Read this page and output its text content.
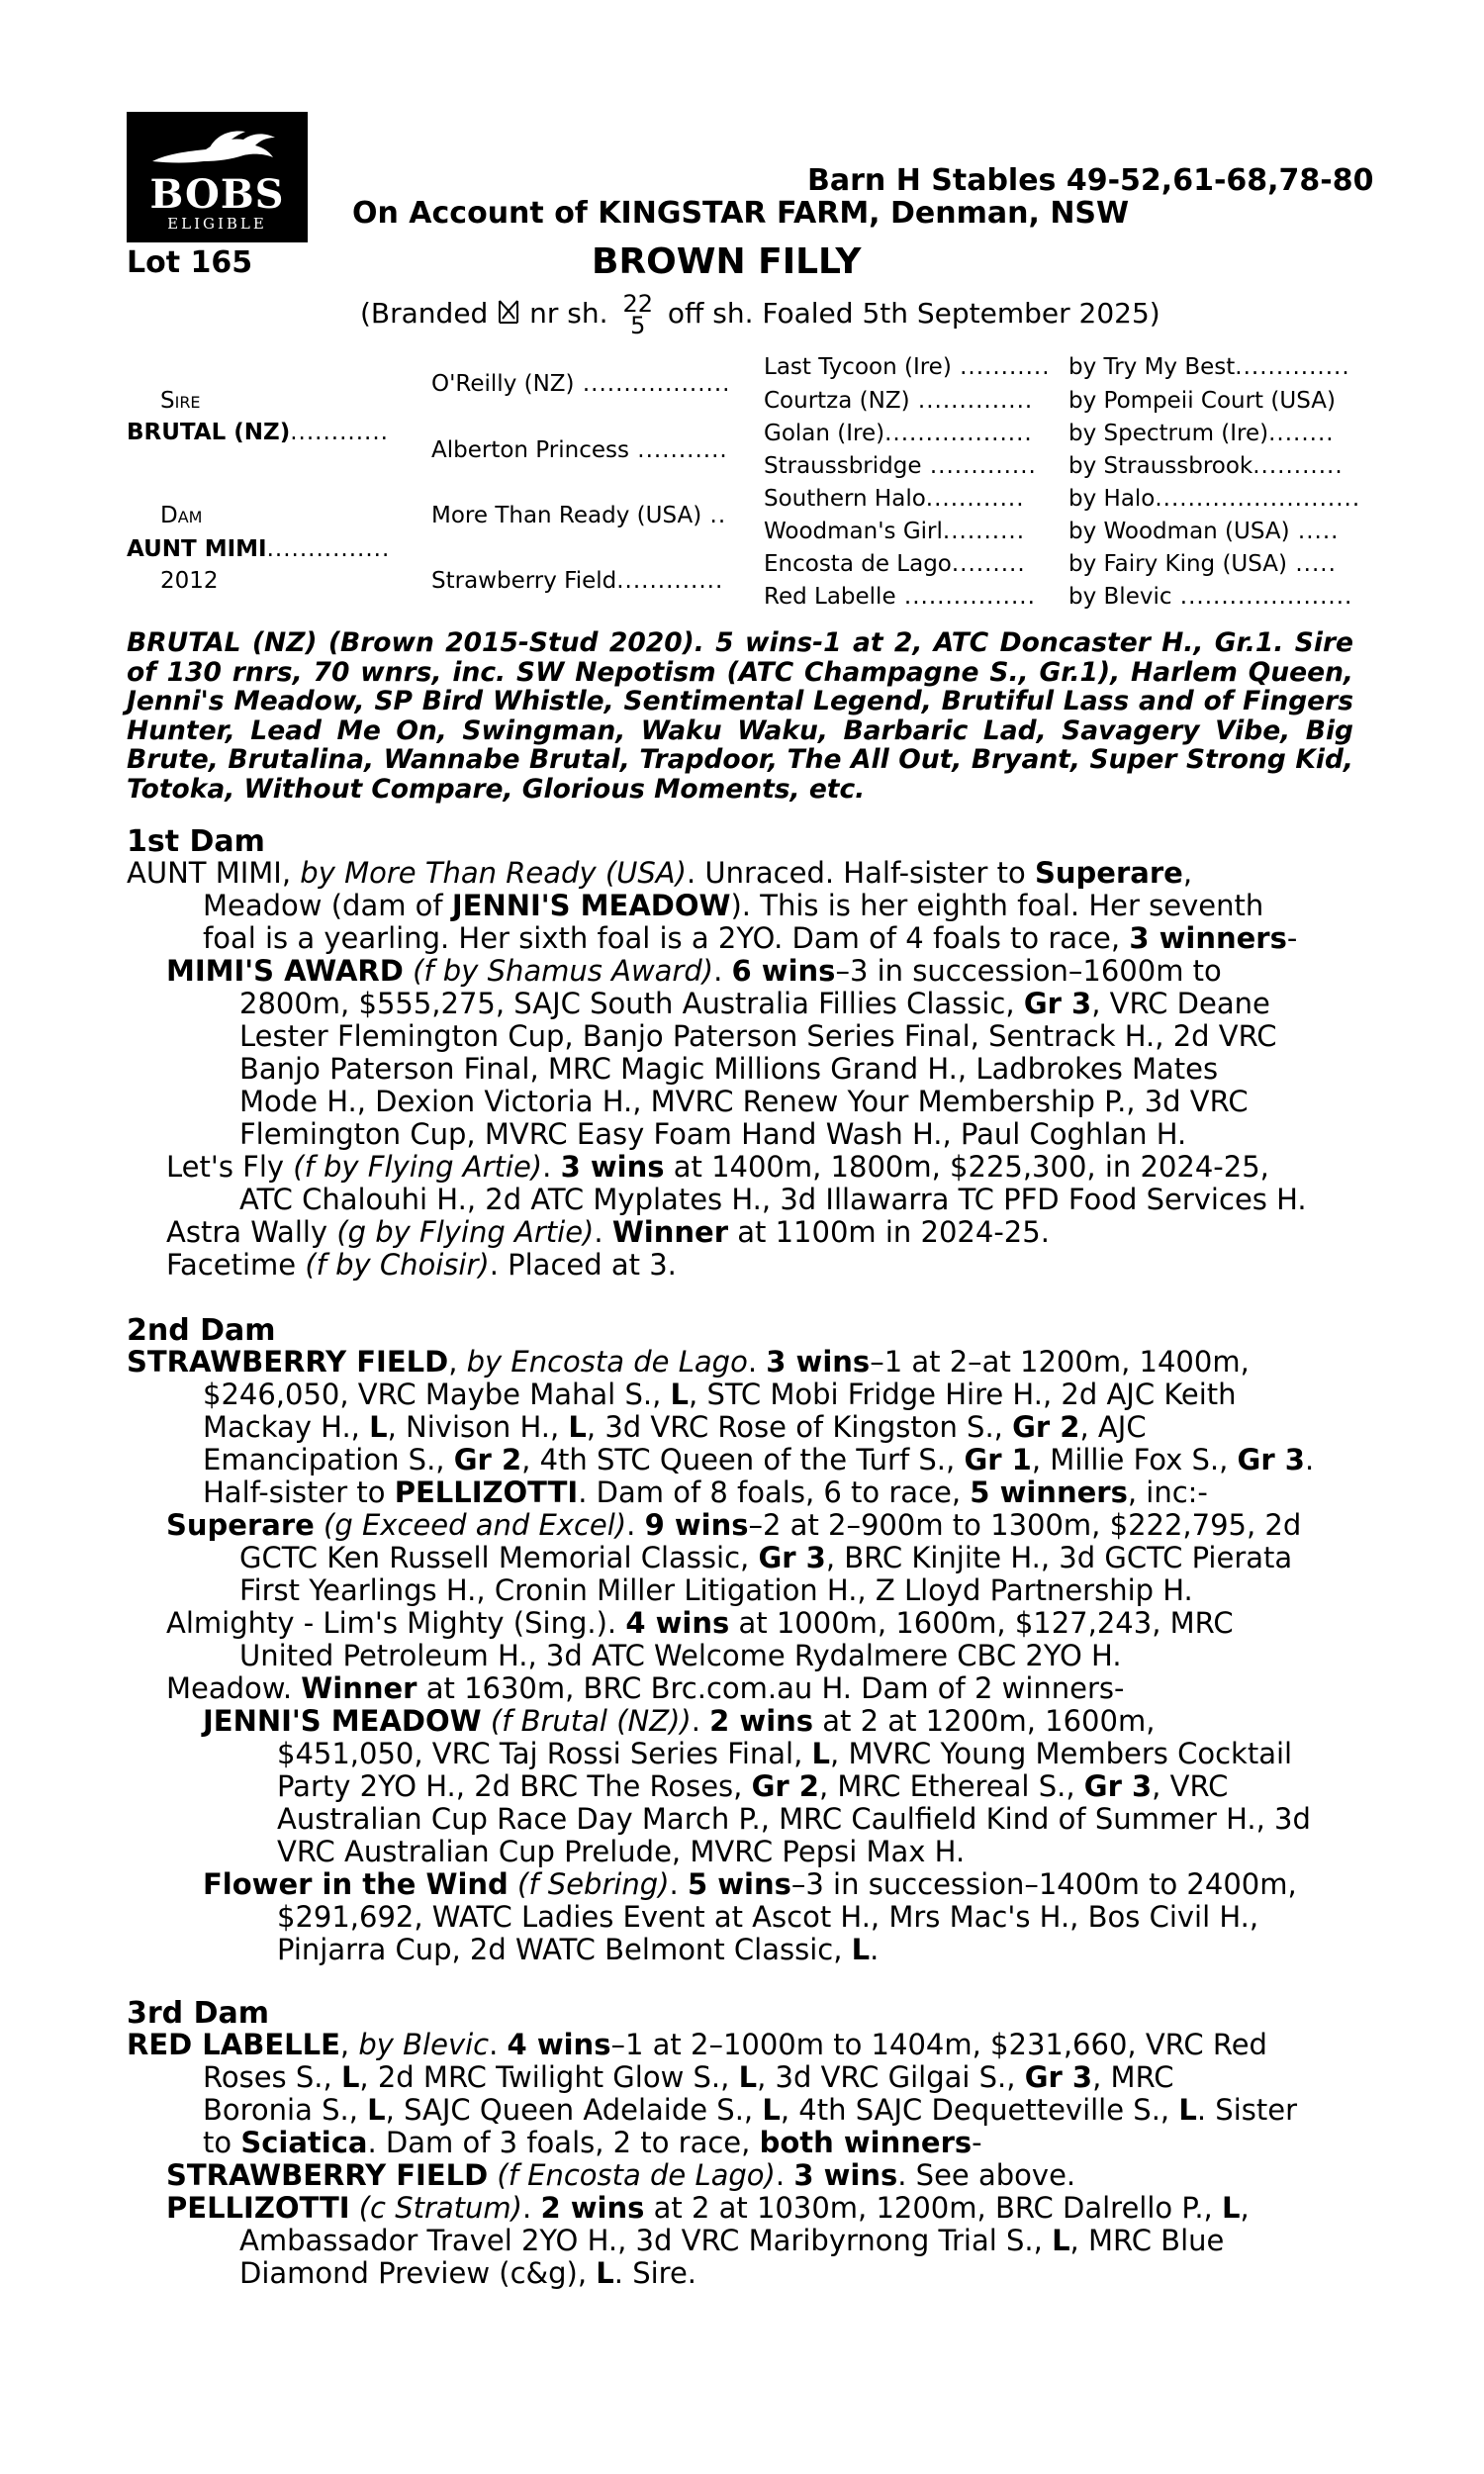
BOBS
ELIGIBLE
Barn H Stables 49-52,61-68,78-80
On Account of KINGSTAR FARM, Denman, NSW
Lot 165	BROWN FILLY
(Branded nr sh. 22
5 off sh. Foaled 5th September 2025)
Sire
BRUTAL (NZ)............
Dam
AUNT MIMI...............
2012
O'Reilly (NZ) ..................
Alberton Princess ...........
More Than Ready (USA) ..
Strawberry Field.............
Last Tycoon (Ire) ........... by Try My Best..............
Courtza (NZ) .............. by Pompeii Court (USA)
Golan (Ire).................. by Spectrum (Ire)........
Straussbridge ............. by Straussbrook...........
Southern Halo............ by Halo.........................
Woodman's Girl.......... by Woodman (USA) .....
Encosta de Lago......... by Fairy King (USA) .....
Red Labelle ................ by Blevic .....................
BRUTAL (NZ) (Brown 2015-Stud 2020). 5 wins-1 at 2, ATC Doncaster H., Gr.1. Sire of 130 rnrs, 70 wnrs, inc. SW Nepotism (ATC Champagne S., Gr.1), Harlem Queen, Jenni's Meadow, SP Bird Whistle, Sentimental Legend, Brutiful Lass and of Fingers Hunter, Lead Me On, Swingman, Waku Waku, Barbaric Lad, Savagery Vibe, Big Brute, Brutalina, Wannabe Brutal, Trapdoor, The All Out, Bryant, Super Strong Kid, Totoka, Without Compare, Glorious Moments, etc.
1st Dam
AUNT MIMI, by More Than Ready (USA). Unraced. Half-sister to Superare,
Meadow (dam of JENNI'S MEADOW). This is her eighth foal. Her seventh
foal is a yearling. Her sixth foal is a 2YO. Dam of 4 foals to race, 3 winners-
MIMI'S AWARD (f by Shamus Award). 6 wins–3 in succession–1600m to
2800m, $555,275, SAJC South Australia Fillies Classic, Gr 3, VRC Deane
Lester Flemington Cup, Banjo Paterson Series Final, Sentrack H., 2d VRC
Banjo Paterson Final, MRC Magic Millions Grand H., Ladbrokes Mates
Mode H., Dexion Victoria H., MVRC Renew Your Membership P., 3d VRC
Flemington Cup, MVRC Easy Foam Hand Wash H., Paul Coghlan H.
Let's Fly (f by Flying Artie). 3 wins at 1400m, 1800m, $225,300, in 2024-25,
ATC Chalouhi H., 2d ATC Myplates H., 3d Illawarra TC PFD Food Services H.
Astra Wally (g by Flying Artie). Winner at 1100m in 2024-25.
Facetime (f by Choisir). Placed at 3.
2nd Dam
STRAWBERRY FIELD, by Encosta de Lago. 3 wins–1 at 2–at 1200m, 1400m,
$246,050, VRC Maybe Mahal S., L, STC Mobi Fridge Hire H., 2d AJC Keith
Mackay H., L, Nivison H., L, 3d VRC Rose of Kingston S., Gr 2, AJC
Emancipation S., Gr 2, 4th STC Queen of the Turf S., Gr 1, Millie Fox S., Gr 3.
Half-sister to PELLIZOTTI. Dam of 8 foals, 6 to race, 5 winners, inc:-
Superare (g Exceed and Excel). 9 wins–2 at 2–900m to 1300m, $222,795, 2d
GCTC Ken Russell Memorial Classic, Gr 3, BRC Kinjite H., 3d GCTC Pierata
First Yearlings H., Cronin Miller Litigation H., Z Lloyd Partnership H.
Almighty - Lim's Mighty (Sing.). 4 wins at 1000m, 1600m, $127,243, MRC
United Petroleum H., 3d ATC Welcome Rydalmere CBC 2YO H.
Meadow. Winner at 1630m, BRC Brc.com.au H. Dam of 2 winners-
JENNI'S MEADOW (f Brutal (NZ)). 2 wins at 2 at 1200m, 1600m,
$451,050, VRC Taj Rossi Series Final, L, MVRC Young Members Cocktail
Party 2YO H., 2d BRC The Roses, Gr 2, MRC Ethereal S., Gr 3, VRC
Australian Cup Race Day March P., MRC Caulfield Kind of Summer H., 3d
VRC Australian Cup Prelude, MVRC Pepsi Max H.
Flower in the Wind (f Sebring). 5 wins–3 in succession–1400m to 2400m,
$291,692, WATC Ladies Event at Ascot H., Mrs Mac's H., Bos Civil H.,
Pinjarra Cup, 2d WATC Belmont Classic, L.
3rd Dam
RED LABELLE, by Blevic. 4 wins–1 at 2–1000m to 1404m, $231,660, VRC Red
Roses S., L, 2d MRC Twilight Glow S., L, 3d VRC Gilgai S., Gr 3, MRC
Boronia S., L, SAJC Queen Adelaide S., L, 4th SAJC Dequetteville S., L. Sister
to Sciatica. Dam of 3 foals, 2 to race, both winners-
STRAWBERRY FIELD (f Encosta de Lago). 3 wins. See above.
PELLIZOTTI (c Stratum). 2 wins at 2 at 1030m, 1200m, BRC Dalrello P., L,
Ambassador Travel 2YO H., 3d VRC Maribyrnong Trial S., L, MRC Blue
Diamond Preview (c&g), L. Sire.
